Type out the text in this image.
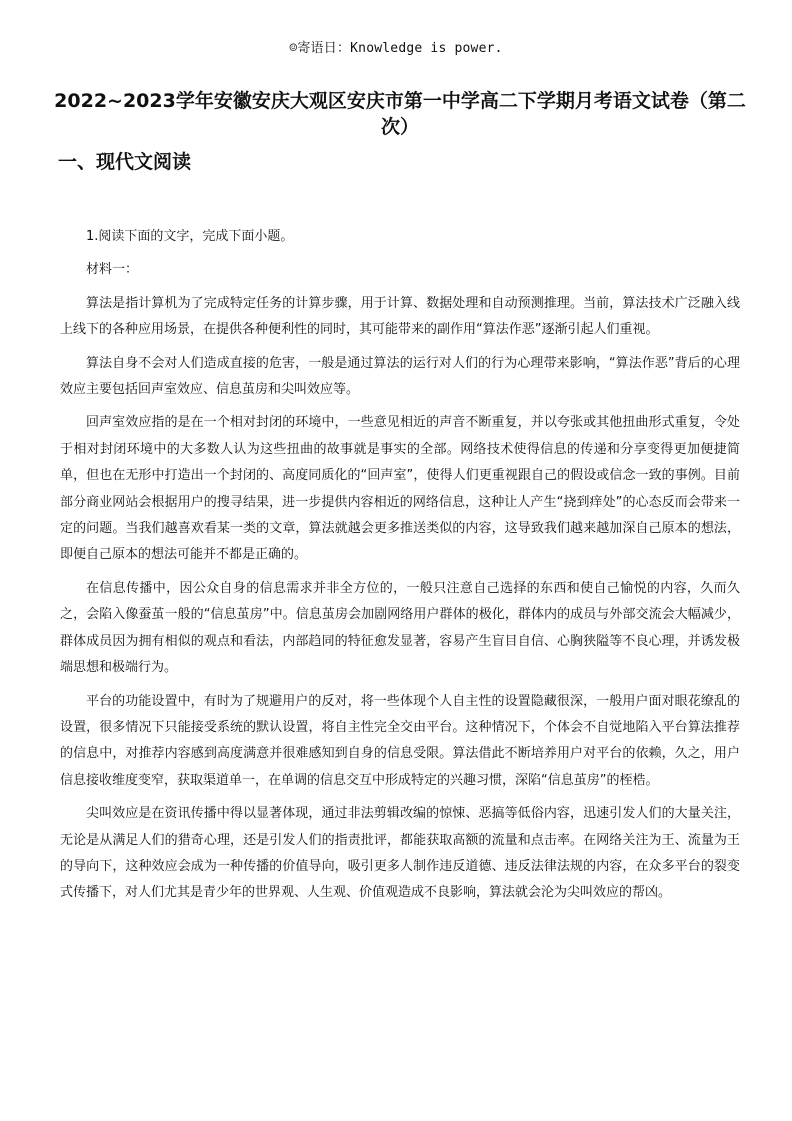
☺寄语日：Knowledge is power.
2022~2023学年安徽安庆大观区安庆市第一中学高二下学期月考语文试卷（第二次）
一、现代文阅读

1.阅读下面的文字，完成下面小题。

材料一：

算法是指计算机为了完成特定任务的计算步骤，用于计算、数据处理和自动预测推理。当前，算法技术广泛融入线上线下的各种应用场景，在提供各种便利性的同时，其可能带来的副作用“算法作恶”逐渐引起人们重视。

算法自身不会对人们造成直接的危害，一般是通过算法的运行对人们的行为心理带来影响，“算法作恶”背后的心理效应主要包括回声室效应、信息茧房和尖叫效应等。

回声室效应指的是在一个相对封闭的环境中，一些意见相近的声音不断重复，并以夸张或其他扭曲形式重复，令处于相对封闭环境中的大多数人认为这些扭曲的故事就是事实的全部。网络技术使得信息的传递和分享变得更加便捷简单，但也在无形中打造出一个封闭的、高度同质化的“回声室”，使得人们更重视跟自己的假设或信念一致的事例。目前部分商业网站会根据用户的搜寻结果，进一步提供内容相近的网络信息，这种让人产生“挠到痒处”的心态反而会带来一定的问题。当我们越喜欢看某一类的文章，算法就越会更多推送类似的内容，这导致我们越来越加深自己原本的想法，即便自己原本的想法可能并不都是正确的。

在信息传播中，因公众自身的信息需求并非全方位的，一般只注意自己选择的东西和使自己愉悦的内容，久而久之，会陷入像蚕茧一般的“信息茧房”中。信息茧房会加剧网络用户群体的极化，群体内的成员与外部交流会大幅减少，群体成员因为拥有相似的观点和看法，内部趋同的特征愈发显著，容易产生盲目自信、心胸狭隘等不良心理，并诱发极端思想和极端行为。

平台的功能设置中，有时为了规避用户的反对，将一些体现个人自主性的设置隐藏很深，一般用户面对眼花缭乱的设置，很多情况下只能接受系统的默认设置，将自主性完全交由平台。这种情况下，个体会不自觉地陷入平台算法推荐的信息中，对推荐内容感到高度满意并很难感知到自身的信息受限。算法借此不断培养用户对平台的依赖，久之，用户信息接收维度变窄，获取渠道单一，在单调的信息交互中形成特定的兴趣习惯，深陷“信息茧房”的桎梏。

尖叫效应是在资讯传播中得以显著体现，通过非法剪辑改编的惊悚、恶搞等低俗内容，迅速引发人们的大量关注，无论是从满足人们的猎奇心理，还是引发人们的指责批评，都能获取高额的流量和点击率。在网络关注为王、流量为王的导向下，这种效应会成为一种传播的价值导向，吸引更多人制作违反道德、违反法律法规的内容，在众多平台的裂变式传播下，对人们尤其是青少年的世界观、人生观、价值观造成不良影响，算法就会沦为尖叫效应的帮凶。
